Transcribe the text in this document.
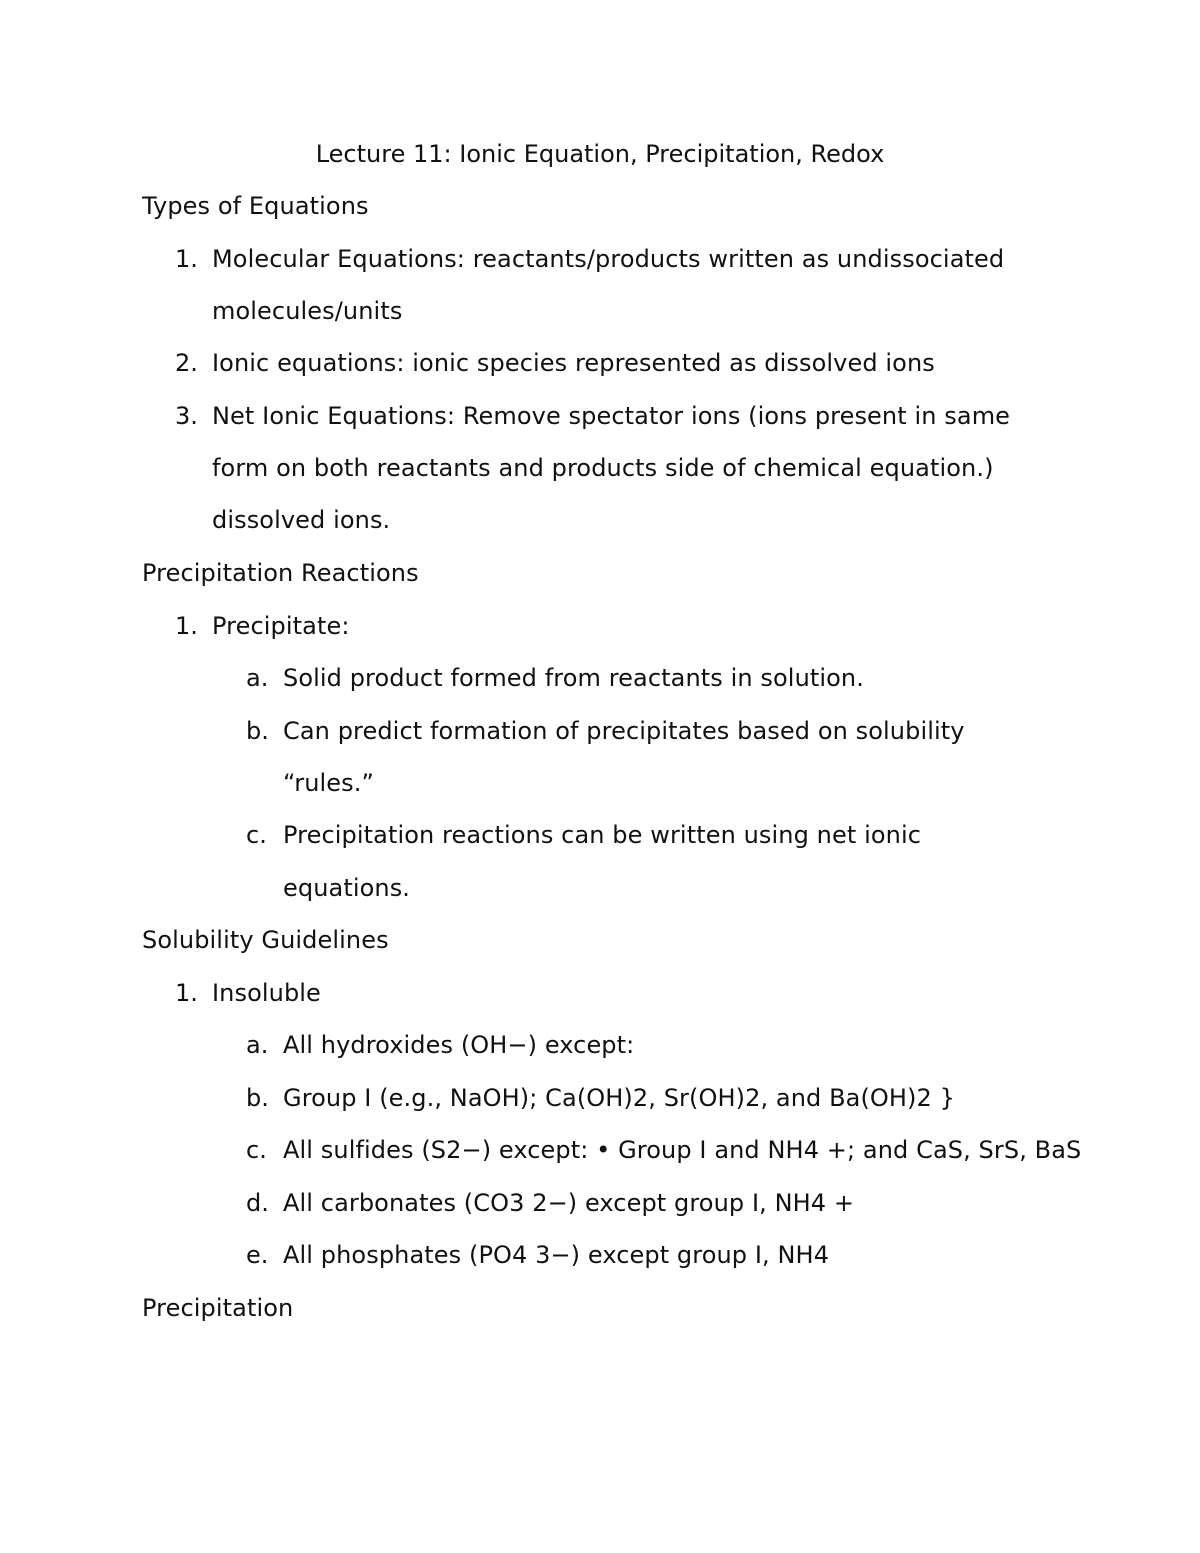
Lecture 11: Ionic Equation, Precipitation, Redox
Types of Equations
1. Molecular Equations: reactants/products written as undissociated
molecules/units
2. Ionic equations: ionic species represented as dissolved ions
3. Net Ionic Equations: Remove spectator ions (ions present in same
form on both reactants and products side of chemical equation.)
dissolved ions.
Precipitation Reactions
1. Precipitate:
a. Solid product formed from reactants in solution.
b. Can predict formation of precipitates based on solubility
“rules.”
c. Precipitation reactions can be written using net ionic
equations.
Solubility Guidelines
1. Insoluble
a. All hydroxides (OH−) except:
b. Group I (e.g., NaOH); Ca(OH)2, Sr(OH)2, and Ba(OH)2 }
c. All sulfides (S2−) except: • Group I and NH4 +; and CaS, SrS, BaS
d. All carbonates (CO3 2−) except group I, NH4 +
e. All phosphates (PO4 3−) except group I, NH4
Precipitation
